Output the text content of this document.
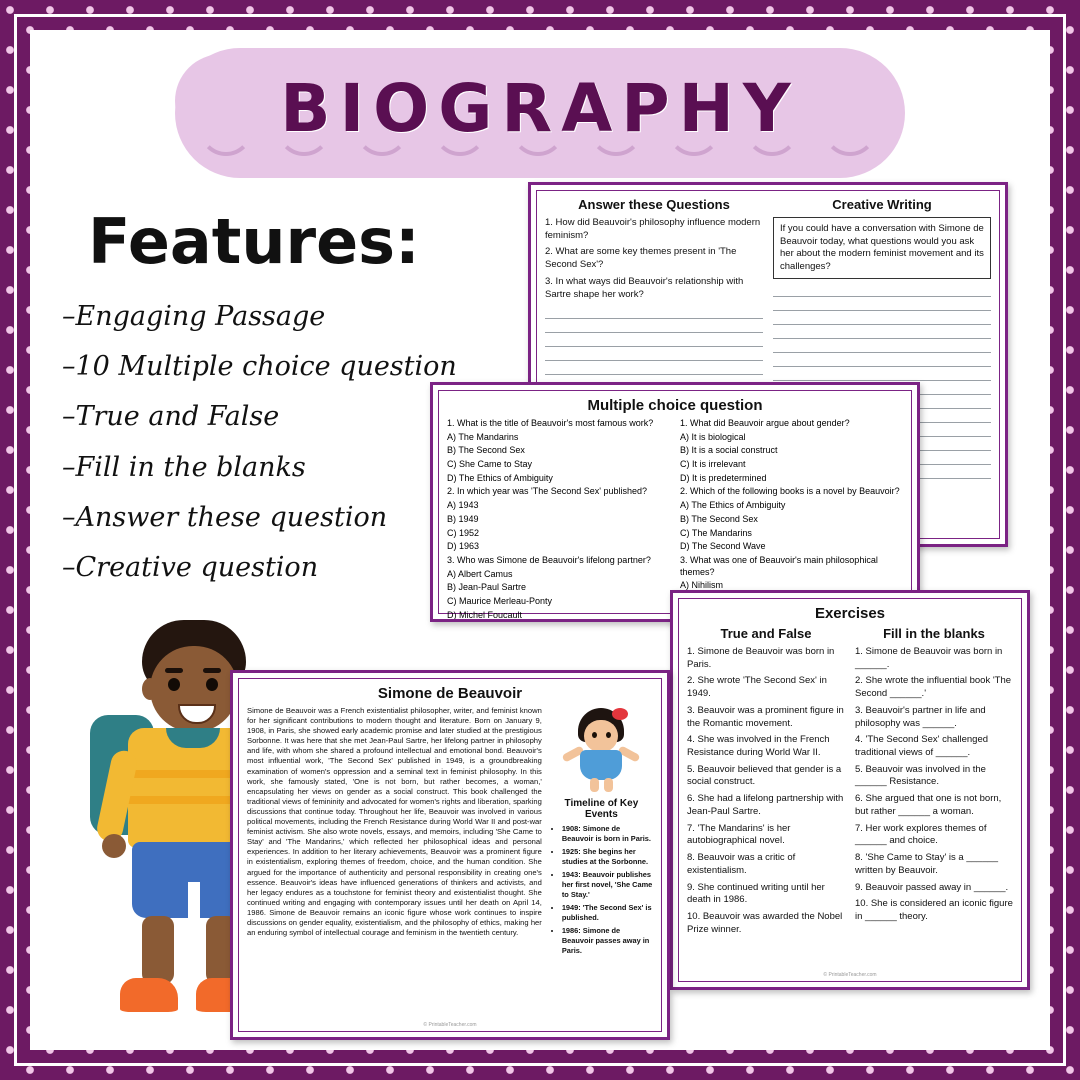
BIOGRAPHY
Features:
–Engaging Passage
–10 Multiple choice question
–True and False
–Fill in the blanks
–Answer these question
–Creative question
Answer these Questions

1. How did Beauvoir's philosophy influence modern feminism?

2. What are some key themes present in 'The Second Sex'?

3. In what ways did Beauvoir's relationship with Sartre shape her work?

Creative Writing
If you could have a conversation with Simone de Beauvoir today, what questions would you ask her about the modern feminist movement and its challenges?
Multiple choice question

1. What is the title of Beauvoir's most famous work?

A) The Mandarins

B) The Second Sex

C) She Came to Stay

D) The Ethics of Ambiguity

2. In which year was 'The Second Sex' published?

A) 1943

B) 1949

C) 1952

D) 1963

3. Who was Simone de Beauvoir's lifelong partner?

A) Albert Camus

B) Jean-Paul Sartre

C) Maurice Merleau-Ponty

D) Michel Foucault

1. What did Beauvoir argue about gender?

A) It is biological

B) It is a social construct

C) It is irrelevant

D) It is predetermined

2. Which of the following books is a novel by Beauvoir?

A) The Ethics of Ambiguity

B) The Second Sex

C) The Mandarins

D) The Second Wave

3. What was one of Beauvoir's main philosophical themes?

A) Nihilism

Exercises
True and False

1. Simone de Beauvoir was born in Paris.

2. She wrote 'The Second Sex' in 1949.

3. Beauvoir was a prominent figure in the Romantic movement.

4. She was involved in the French Resistance during World War II.

5. Beauvoir believed that gender is a social construct.

6. She had a lifelong partnership with Jean-Paul Sartre.

7. 'The Mandarins' is her autobiographical novel.

8. Beauvoir was a critic of existentialism.

9. She continued writing until her death in 1986.

10. Beauvoir was awarded the Nobel Prize winner.

Fill in the blanks

1. Simone de Beauvoir was born in ______.

2. She wrote the influential book 'The Second ______.'

3. Beauvoir's partner in life and philosophy was ______.

4. 'The Second Sex' challenged traditional views of ______.

5. Beauvoir was involved in the ______ Resistance.

6. She argued that one is not born, but rather ______ a woman.

7. Her work explores themes of ______ and choice.

8. 'She Came to Stay' is a ______ written by Beauvoir.

9. Beauvoir passed away in ______.

10. She is considered an iconic figure in ______ theory.

© PrintableTeacher.com
Simone de Beauvoir
Simone de Beauvoir was a French existentialist philosopher, writer, and feminist known for her significant contributions to modern thought and literature. Born on January 9, 1908, in Paris, she showed early academic promise and later studied at the prestigious Sorbonne. It was here that she met Jean-Paul Sartre, her lifelong partner in philosophy and life, with whom she shared a profound intellectual and emotional bond. Beauvoir's most influential work, 'The Second Sex' published in 1949, is a groundbreaking examination of women's oppression and a seminal text in feminist philosophy. In this work, she famously stated, 'One is not born, but rather becomes, a woman,' encapsulating her views on gender as a social construct. This book challenged the traditional views of femininity and advocated for women's rights and liberation, sparking discussions that continue today. Throughout her life, Beauvoir was involved in various political movements, including the French Resistance during World War II and post-war feminist activism. She also wrote novels, essays, and memoirs, including 'She Came to Stay' and 'The Mandarins,' which reflected her philosophical ideas and personal experiences. In addition to her literary achievements, Beauvoir was a prominent figure in existentialism, exploring themes of freedom, choice, and the human condition. She argued for the importance of authenticity and personal responsibility in creating one's essence. Beauvoir's ideas have influenced generations of thinkers and activists, and her legacy endures as a touchstone for feminist theory and existentialist thought. She continued writing and engaging with contemporary issues until her death on April 14, 1986. Simone de Beauvoir remains an iconic figure whose work continues to inspire discussions on gender equality, existentialism, and the philosophy of ethics, making her an enduring symbol of intellectual courage and feminism in the twentieth century.
Timeline of Key Events
• 1908: Simone de Beauvoir is born in Paris.
• 1925: She begins her studies at the Sorbonne.
• 1943: Beauvoir publishes her first novel, 'She Came to Stay.'
• 1949: 'The Second Sex' is published.
• 1986: Simone de Beauvoir passes away in Paris.
© PrintableTeacher.com
